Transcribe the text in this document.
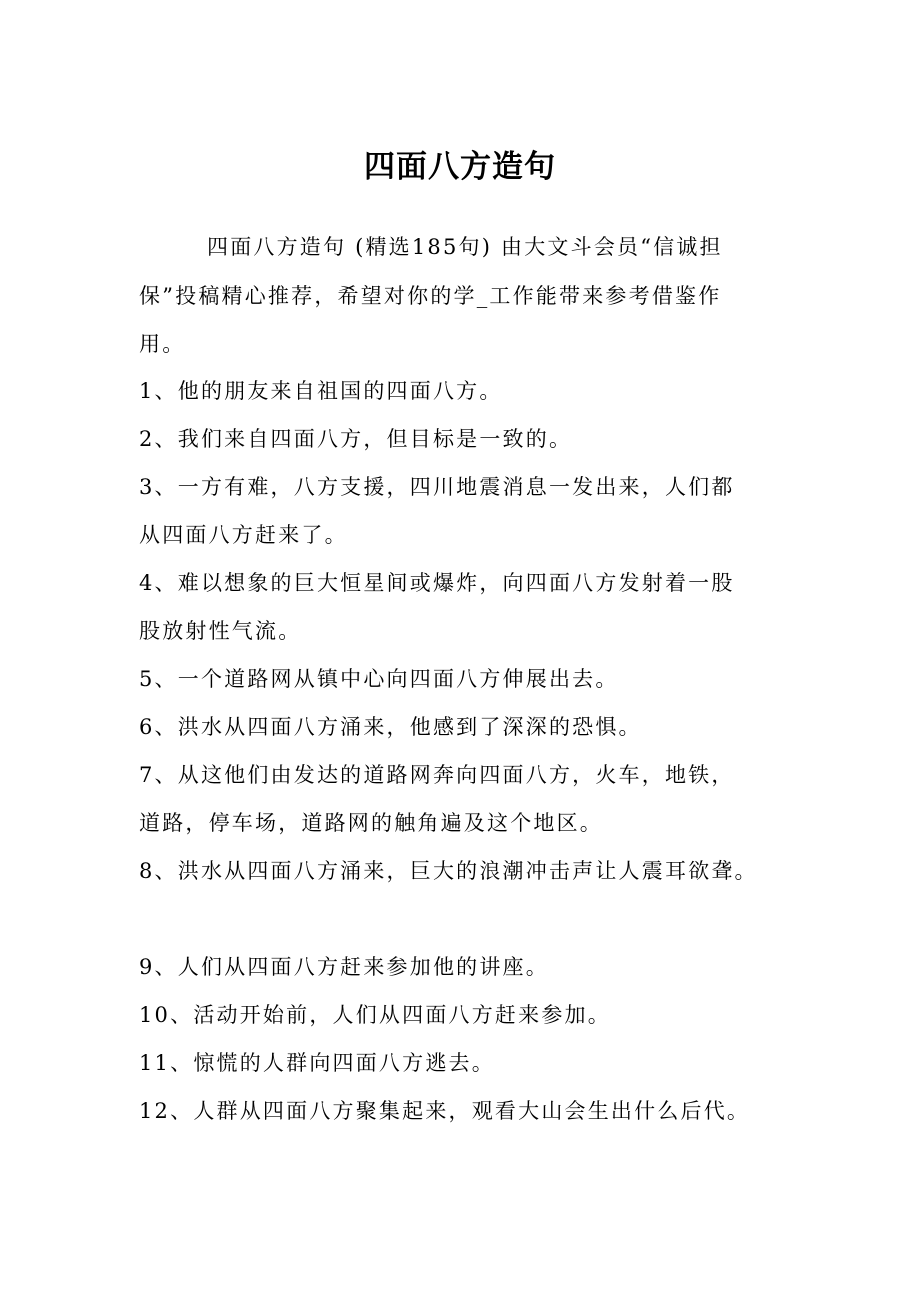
四面八方造句
四面八方造句 (精选185句) 由大文斗会员“信诚担
保”投稿精心推荐，希望对你的学_工作能带来参考借鉴作
用。
1、他的朋友来自祖国的四面八方。
2、我们来自四面八方，但目标是一致的。
3、一方有难，八方支援，四川地震消息一发出来，人们都
从四面八方赶来了。
4、难以想象的巨大恒星间或爆炸，向四面八方发射着一股
股放射性气流。
5、一个道路网从镇中心向四面八方伸展出去。
6、洪水从四面八方涌来，他感到了深深的恐惧。
7、从这他们由发达的道路网奔向四面八方，火车，地铁，
道路，停车场，道路网的触角遍及这个地区。
8、洪水从四面八方涌来，巨大的浪潮冲击声让人震耳欲聋。
9、人们从四面八方赶来参加他的讲座。
10、活动开始前，人们从四面八方赶来参加。
11、惊慌的人群向四面八方逃去。
12、人群从四面八方聚集起来，观看大山会生出什么后代。
